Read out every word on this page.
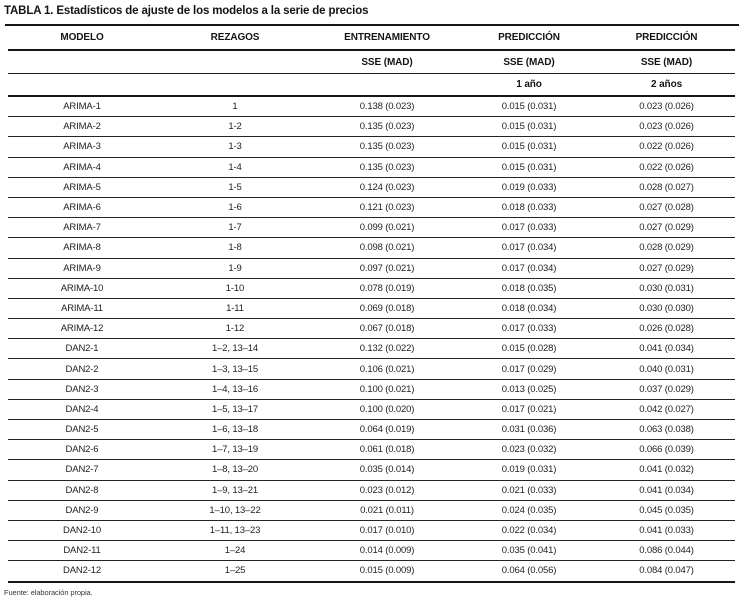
TABLA 1. Estadísticos de ajuste de los modelos a la serie de precios
MODELO	REZAGOS	ENTRENAMIENTO	PREDICCIÓN	PREDICCIÓN
		SSE (MAD)	SSE (MAD)	SSE (MAD)
			1 año	2 años
ARIMA-1	1	0.138 (0.023)	0.015 (0.031)	0.023 (0.026)
ARIMA-2	1-2	0.135 (0.023)	0.015 (0.031)	0.023 (0.026)
ARIMA-3	1-3	0.135 (0.023)	0.015 (0.031)	0.022 (0.026)
ARIMA-4	1-4	0.135 (0.023)	0.015 (0.031)	0.022 (0.026)
ARIMA-5	1-5	0.124 (0.023)	0.019 (0.033)	0.028 (0.027)
ARIMA-6	1-6	0.121 (0.023)	0.018 (0.033)	0.027 (0.028)
ARIMA-7	1-7	0.099 (0.021)	0.017 (0.033)	0.027 (0.029)
ARIMA-8	1-8	0.098 (0.021)	0.017 (0.034)	0.028 (0.029)
ARIMA-9	1-9	0.097 (0.021)	0.017 (0.034)	0.027 (0.029)
ARIMA-10	1-10	0.078 (0.019)	0.018 (0.035)	0.030 (0.031)
ARIMA-11	1-11	0.069 (0.018)	0.018 (0.034)	0.030 (0.030)
ARIMA-12	1-12	0.067 (0.018)	0.017 (0.033)	0.026 (0.028)
DAN2-1	1–2, 13–14	0.132 (0.022)	0.015 (0.028)	0.041 (0.034)
DAN2-2	1–3, 13–15	0.106 (0.021)	0.017 (0.029)	0.040 (0.031)
DAN2-3	1–4, 13–16	0.100 (0.021)	0.013 (0.025)	0.037 (0.029)
DAN2-4	1–5, 13–17	0.100 (0.020)	0.017 (0.021)	0.042 (0.027)
DAN2-5	1–6, 13–18	0.064 (0.019)	0.031 (0.036)	0.063 (0.038)
DAN2-6	1–7, 13–19	0.061 (0.018)	0.023 (0.032)	0.066 (0.039)
DAN2-7	1–8, 13–20	0.035 (0.014)	0.019 (0.031)	0.041 (0.032)
DAN2-8	1–9, 13–21	0.023 (0.012)	0.021 (0.033)	0.041 (0.034)
DAN2-9	1–10, 13–22	0.021 (0.011)	0.024 (0.035)	0.045 (0.035)
DAN2-10	1–11, 13–23	0.017 (0.010)	0.022 (0.034)	0.041 (0.033)
DAN2-11	1–24	0.014 (0.009)	0.035 (0.041)	0.086 (0.044)
DAN2-12	1–25	0.015 (0.009)	0.064 (0.056)	0.084 (0.047)
Fuente: elaboración propia.
